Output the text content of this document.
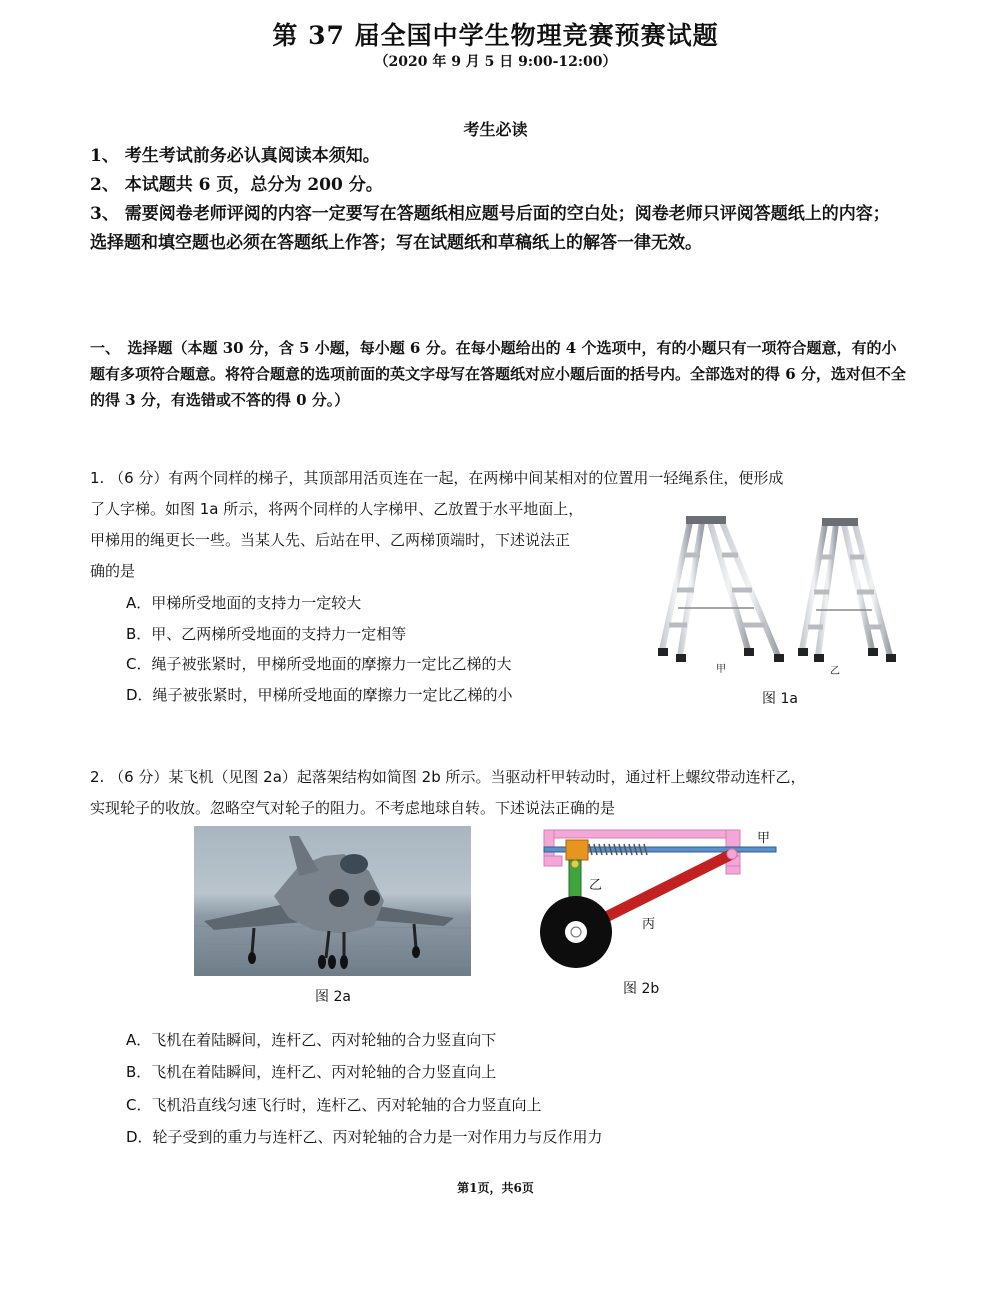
第 37 届全国中学生物理竞赛预赛试题
（2020 年 9 月 5 日 9:00-12:00）
考生必读
1、 考生考试前务必认真阅读本须知。
2、 本试题共 6 页，总分为 200 分。
3、 需要阅卷老师评阅的内容一定要写在答题纸相应题号后面的空白处；阅卷老师只评阅答题纸上的内容；选择题和填空题也必须在答题纸上作答；写在试题纸和草稿纸上的解答一律无效。
一、　选择题（本题 30 分，含 5 小题，每小题 6 分。在每小题给出的 4 个选项中，有的小题只有一项符合题意，有的小题有多项符合题意。将符合题意的选项前面的英文字母写在答题纸对应小题后面的括号内。全部选对的得 6 分，选对但不全的得 3 分，有选错或不答的得 0 分。）
1. （6 分）有两个同样的梯子，其顶部用活页连在一起，在两梯中间某相对的位置用一轻绳系住，便形成
了人字梯。如图 1a 所示，将两个同样的人字梯甲、乙放置于水平地面上，
甲梯用的绳更长一些。当某人先、后站在甲、乙两梯顶端时，下述说法正
确的是
A．甲梯所受地面的支持力一定较大
B．甲、乙两梯所受地面的支持力一定相等
C．绳子被张紧时，甲梯所受地面的摩擦力一定比乙梯的大
D．绳子被张紧时，甲梯所受地面的摩擦力一定比乙梯的小
甲	乙
图 1a
2. （6 分）某飞机（见图 2a）起落架结构如简图 2b 所示。当驱动杆甲转动时，通过杆上螺纹带动连杆乙，
实现轮子的收放。忽略空气对轮子的阻力。不考虑地球自转。下述说法正确的是
图 2a
甲
乙
丙
图 2b
A．飞机在着陆瞬间，连杆乙、丙对轮轴的合力竖直向下
B．飞机在着陆瞬间，连杆乙、丙对轮轴的合力竖直向上
C．飞机沿直线匀速飞行时，连杆乙、丙对轮轴的合力竖直向上
D．轮子受到的重力与连杆乙、丙对轮轴的合力是一对作用力与反作用力
第1页，共6页
